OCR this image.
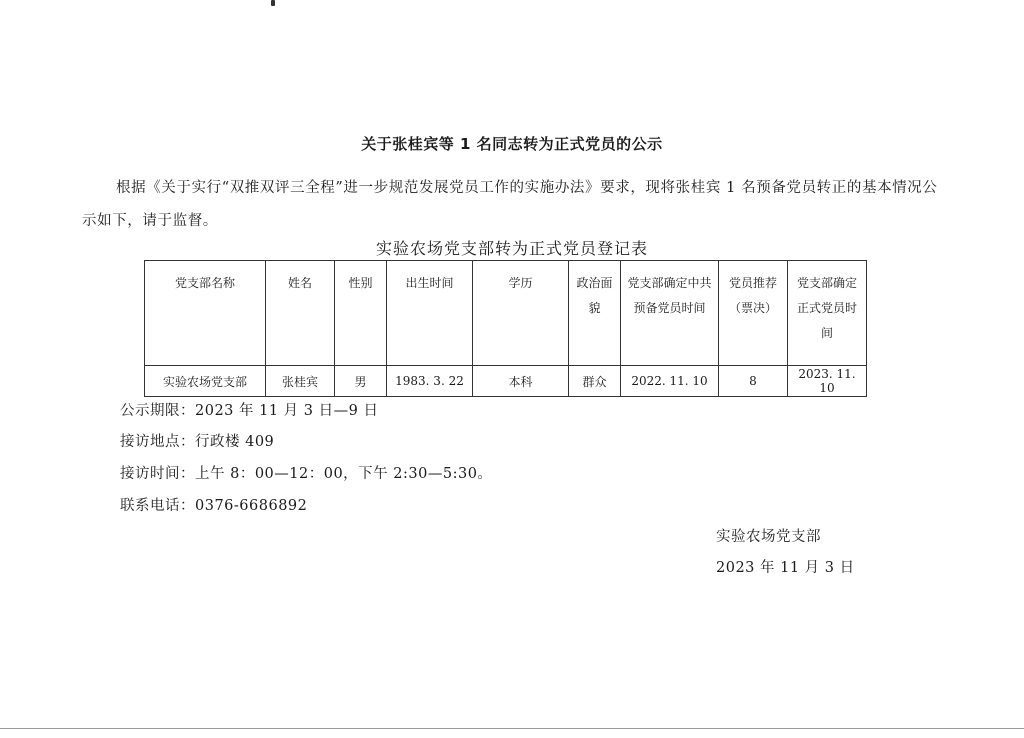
关于张桂宾等 1 名同志转为正式党员的公示
根据《关于实行“双推双评三全程”进一步规范发展党员工作的实施办法》要求，现将张桂宾 1 名预备党员转正的基本情况公示如下，请于监督。
实验农场党支部转为正式党员登记表
党支部名称	姓名	性别	出生时间	学历	政治面貌	党支部确定中共预备党员时间	党员推荐（票决）	党支部确定正式党员时间
实验农场党支部	张桂宾	男	1983. 3. 22	本科	群众	2022. 11. 10	8	2023. 11. 10
公示期限：2023 年 11 月 3 日—9 日
接访地点：行政楼 409
接访时间：上午 8：00—12：00，下午 2:30—5:30。
联系电话：0376-6686892
实验农场党支部
2023 年 11 月 3 日
